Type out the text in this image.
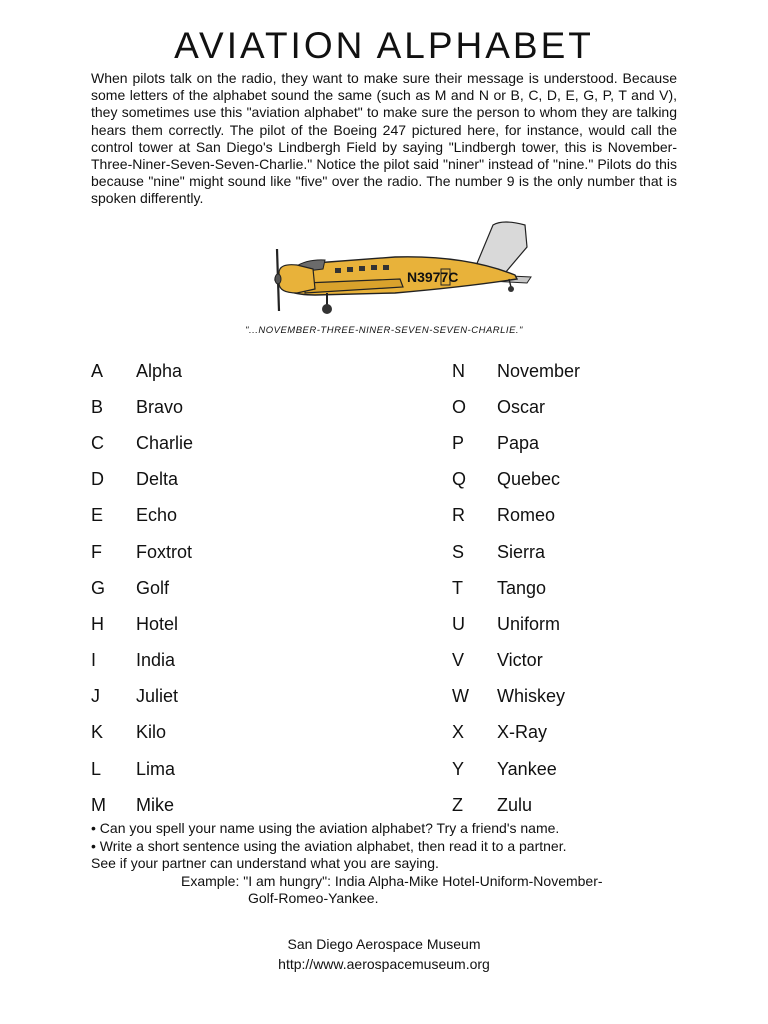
AVIATION ALPHABET

When pilots talk on the radio, they want to make sure their message is understood. Because some letters of the alphabet sound the same (such as M and N or B, C, D, E, G, P, T and V), they sometimes use this "aviation alphabet" to make sure the person to whom they are talking hears them correctly. The pilot of the Boeing 247 pictured here, for instance, would call the control tower at San Diego's Lindbergh Field by saying "Lindbergh tower, this is November-Three-Niner-Seven-Seven-Charlie." Notice the pilot said "niner" instead of "nine." Pilots do this because "nine" might sound like "five" over the radio. The number 9 is the only number that is spoken differently.

N3977C
"...NOVEMBER-THREE-NINER-SEVEN-SEVEN-CHARLIE."
A	Alpha
B	Bravo
C	Charlie
D	Delta
E	Echo
F	Foxtrot
G	Golf
H	Hotel
I	India
J	Juliet
K	Kilo
L	Lima
M	Mike
N	November
O	Oscar
P	Papa
Q	Quebec
R	Romeo
S	Sierra
T	Tango
U	Uniform
V	Victor
W	Whiskey
X	X-Ray
Y	Yankee
Z	Zulu

• Can you spell your name using the aviation alphabet? Try a friend's name.

• Write a short sentence using the aviation alphabet, then read it to a partner.

See if your partner can understand what you are saying.

Example: "I am hungry": India Alpha-Mike Hotel-Uniform-November-

Golf-Romeo-Yankee.

San Diego Aerospace Museum
http://www.aerospacemuseum.org
